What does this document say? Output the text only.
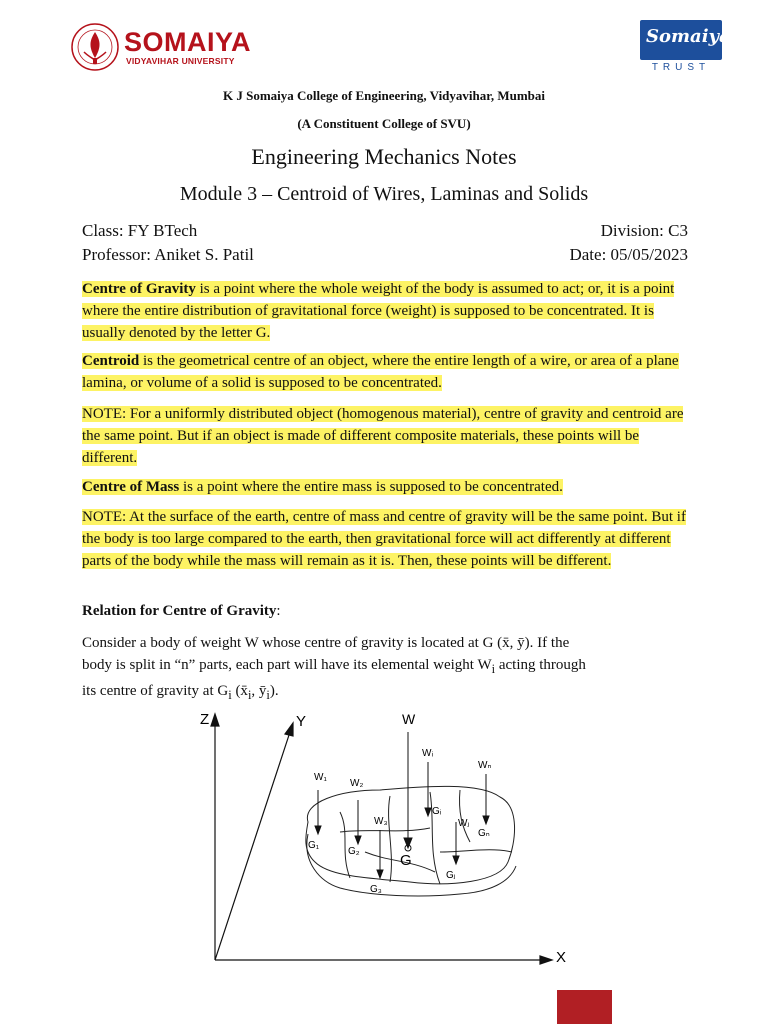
SOMAIYA
VIDYAVIHAR UNIVERSITY
Somaiya
TRUST
K J Somaiya College of Engineering, Vidyavihar, Mumbai
(A Constituent College of SVU)
Engineering Mechanics Notes
Module 3 – Centroid of Wires, Laminas and Solids
Class: FY BTech	Division: C3
Professor: Aniket S. Patil	Date: 05/05/2023
Centre of Gravity is a point where the whole weight of the body is assumed to act; or, it is a point where the entire distribution of gravitational force (weight) is supposed to be concentrated. It is usually denoted by the letter G.
Centroid is the geometrical centre of an object, where the entire length of a wire, or area of a plane lamina, or volume of a solid is supposed to be concentrated.
NOTE: For a uniformly distributed object (homogenous material), centre of gravity and centroid are the same point. But if an object is made of different composite materials, these points will be different.
Centre of Mass is a point where the entire mass is supposed to be concentrated.
NOTE: At the surface of the earth, centre of mass and centre of gravity will be the same point. But if the body is too large compared to the earth, then gravitational force will act differently at different parts of the body while the mass will remain as it is. Then, these points will be different.
Relation for Centre of Gravity:
Consider a body of weight W whose centre of gravity is located at G (x̄, ȳ). If the
body is split in “n” parts, each part will have its elemental weight $W_i$ acting through
its centre of gravity at $G_i$ ($x̄_i$, $ȳ_i$).
Z	Y
X
W
G
W₁
W₂
W₃
Wᵢ
Wⱼ
Wₙ
G₁
G₂
G₃
Gᵢ
Gⱼ
Gₙ
